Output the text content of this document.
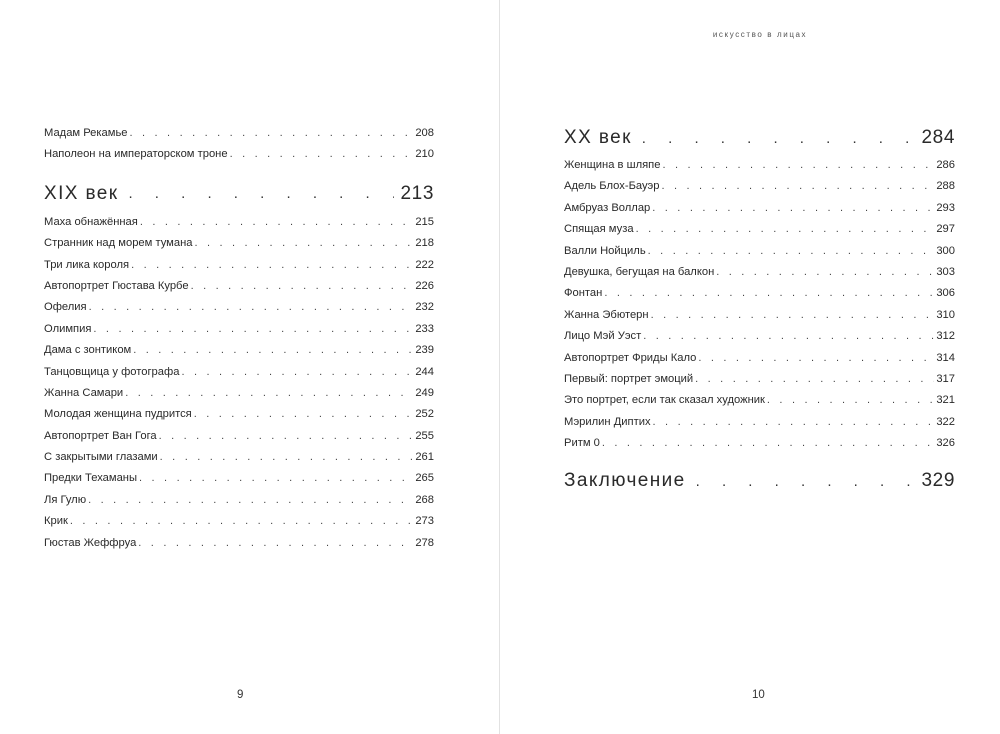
Мадам Рекамье . . .	208
Наполеон на императорском троне . . .	210
XIX век . . .	213
Маха обнажённая . . .	215
Странник над морем тумана . . .	218
Три лика короля . . .	222
Автопортрет Гюстава Курбе . . .	226
Офелия . . .	232
Олимпия . . .	233
Дама с зонтиком . . .	239
Танцовщица у фотографа . . .	244
Жанна Самари . . .	249
Молодая женщина пудрится . . .	252
Автопортрет Ван Гога . . .	255
С закрытыми глазами . . .	261
Предки Техаманы . . .	265
Ля Гулю . . .	268
Крик . . .	273
Гюстав Жеффруа . . .	278
9
искусство в лицах
XX век . . .	284
Женщина в шляпе . . .	286
Адель Блох-Бауэр . . .	288
Амбруаз Воллар . . .	293
Спящая муза . . .	297
Валли Нойциль . . .	300
Девушка, бегущая на балкон . . .	303
Фонтан . . .	306
Жанна Эбютерн . . .	310
Лицо Мэй Уэст . . .	312
Автопортрет Фриды Кало . . .	314
Первый: портрет эмоций . . .	317
Это портрет, если так сказал художник . . .	321
Мэрилин Диптих . . .	322
Ритм 0 . . .	326
Заключение . . .	329
10
